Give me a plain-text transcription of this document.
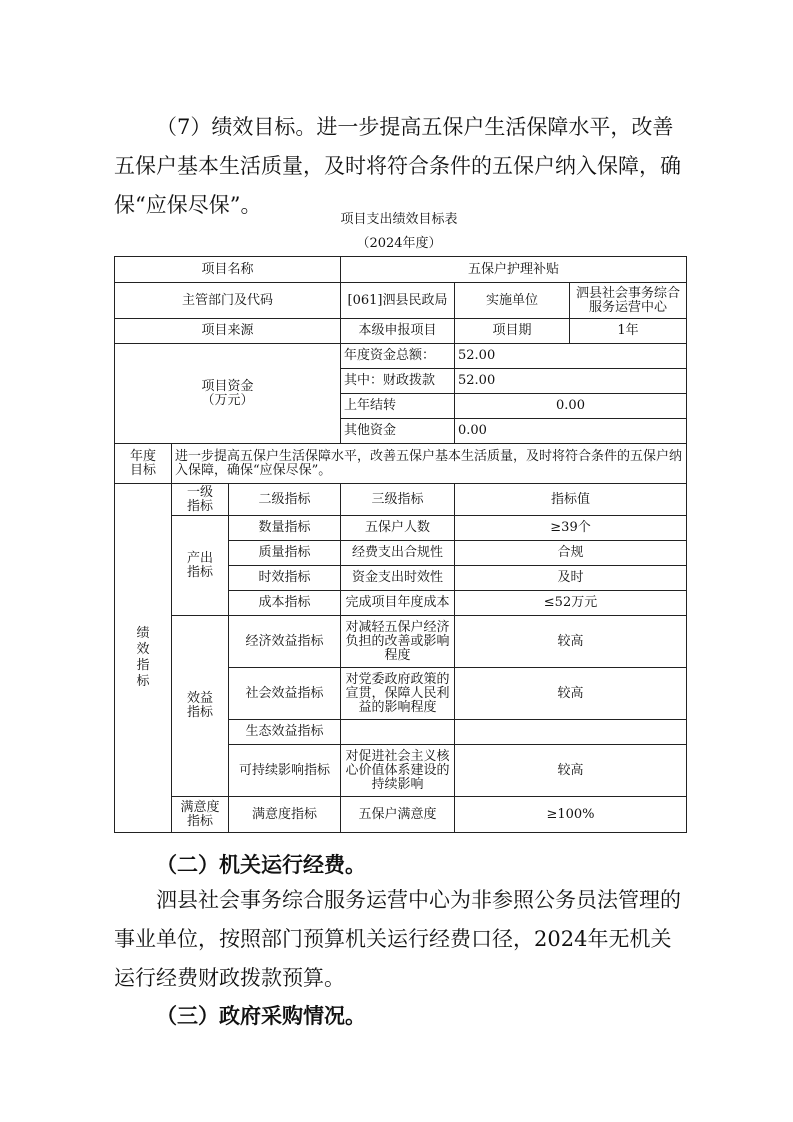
（7）绩效目标。进一步提高五保户生活保障水平，改善五保户基本生活质量，及时将符合条件的五保户纳入保障，确保“应保尽保”。
项目支出绩效目标表
（2024年度）
项目名称			五保户护理补贴		
主管部门及代码			[061]泗县民政局	实施单位	泗县社会事务综合服务运营中心
项目来源			本级申报项目	项目期	1年

项目资金
（万元）			年度资金总额：	52.00	
			其中：财政拨款	52.00	
			上年结转	0.00	
			其他资金	0.00	

年度
目标	进一步提高五保户生活保障水平，改善五保户基本生活质量，及时将符合条件的五保户纳入保障，确保“应保尽保”。				

绩效指标	一级指标	二级指标	三级指标	指标值	

	产出指标	数量指标	五保户人数	≥39个	
		质量指标	经费支出合规性	合规	
		时效指标	资金支出时效性	及时	
		成本指标	完成项目年度成本	≤52万元	

	效益指标	经济效益指标	对减轻五保户经济负担的改善或影响程度	较高	
		社会效益指标	对党委政府政策的宣贯，保障人民利益的影响程度	较高	
		生态效益指标			
		可持续影响指标	对促进社会主义核心价值体系建设的持续影响	较高	

	满意度指标	满意度指标	五保户满意度	≥100%	
（二）机关运行经费。
泗县社会事务综合服务运营中心为非参照公务员法管理的事业单位，按照部门预算机关运行经费口径，2024年无机关运行经费财政拨款预算。
（三）政府采购情况。
